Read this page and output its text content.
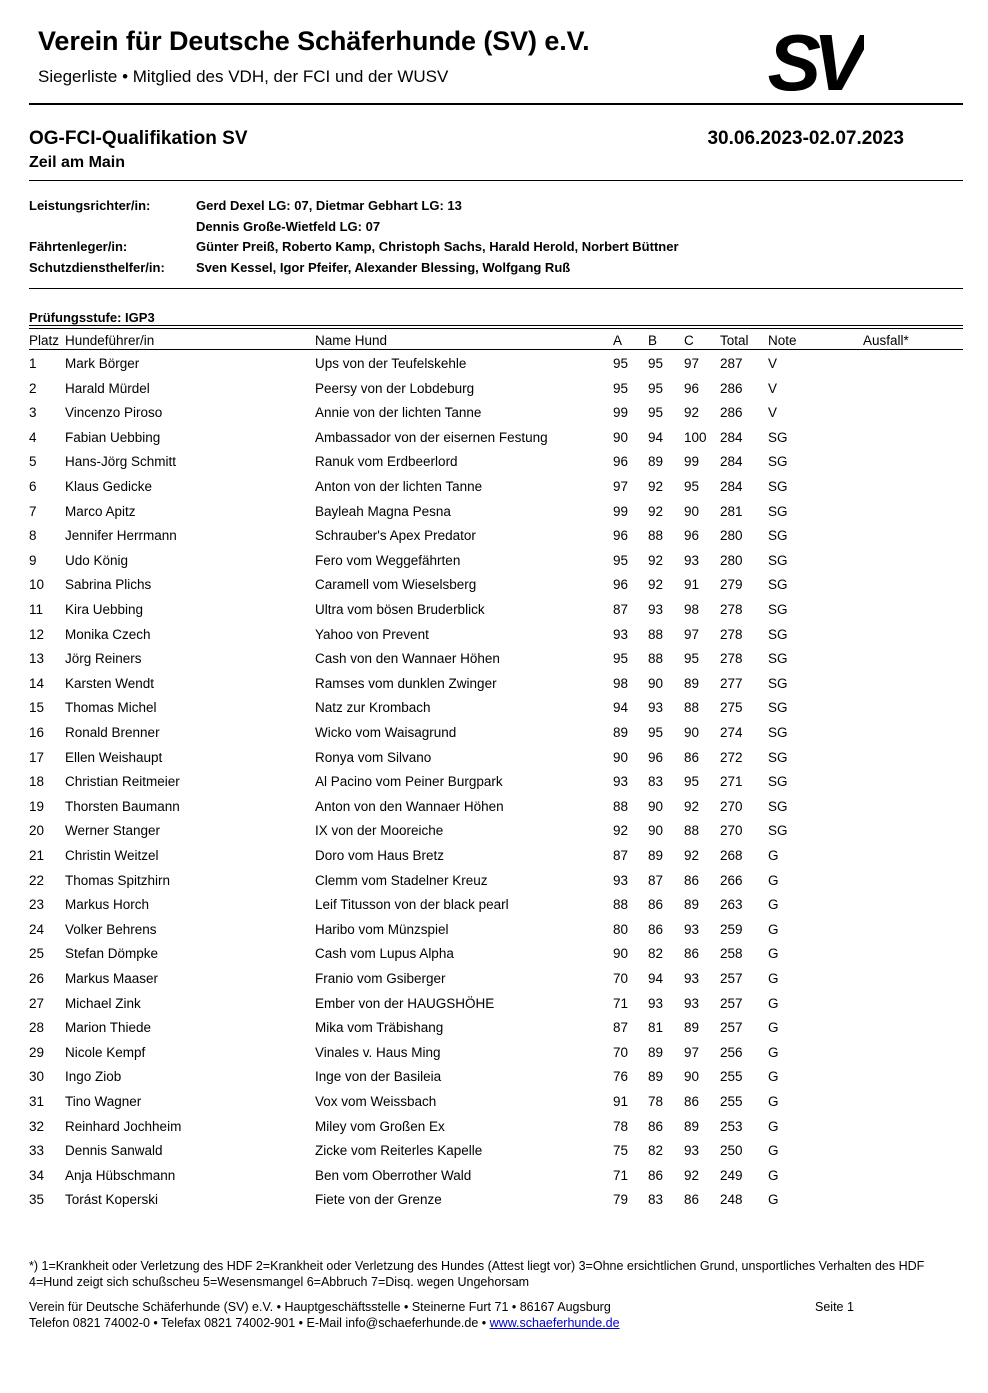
Verein für Deutsche Schäferhunde (SV) e.V.
Siegerliste • Mitglied des VDH, der FCI und der WUSV	SV
OG-FCI-Qualifikation SV
Zeil am Main
30.06.2023-02.07.2023
Leistungsrichter/in:	Gerd Dexel LG: 07, Dietmar Gebhart LG: 13
Dennis Große-Wietfeld LG: 07
Fährtenleger/in:	Günter Preiß, Roberto Kamp, Christoph Sachs, Harald Herold, Norbert Büttner
Schutzdiensthelfer/in: Sven Kessel, Igor Pfeifer, Alexander Blessing, Wolfgang Ruß
Prüfungsstufe: IGP3
Platz Hundeführer/in	Name Hund	A B C Total Note	Ausfall*
1 Mark Börger	Ups von der Teufelskehle	95 95 97 287 V
2 Harald Mürdel	Peersy von der Lobdeburg	95 95 96 286 V
3 Vincenzo Piroso	Annie von der lichten Tanne	99 95 92 286 V
4 Fabian Uebbing	Ambassador von der eisernen Festung	90 94 100 284 SG
5 Hans-Jörg Schmitt	Ranuk vom Erdbeerlord	96 89 99 284 SG
6 Klaus Gedicke	Anton von der lichten Tanne	97 92 95 284 SG
7 Marco Apitz	Bayleah Magna Pesna	99 92 90 281 SG
8 Jennifer Herrmann	Schrauber's Apex Predator	96 88 96 280 SG
9 Udo König	Fero vom Weggefährten	95 92 93 280 SG
10 Sabrina Plichs	Caramell vom Wieselsberg	96 92 91 279 SG
11 Kira Uebbing	Ultra vom bösen Bruderblick	87 93 98 278 SG
12 Monika Czech	Yahoo von Prevent	93 88 97 278 SG
13 Jörg Reiners	Cash von den Wannaer Höhen	95 88 95 278 SG
14 Karsten Wendt	Ramses vom dunklen Zwinger	98 90 89 277 SG
15 Thomas Michel	Natz zur Krombach	94 93 88 275 SG
16 Ronald Brenner	Wicko vom Waisagrund	89 95 90 274 SG
17 Ellen Weishaupt	Ronya vom Silvano	90 96 86 272 SG
18 Christian Reitmeier	Al Pacino vom Peiner Burgpark	93 83 95 271 SG
19 Thorsten Baumann	Anton von den Wannaer Höhen	88 90 92 270 SG
20 Werner Stanger	IX von der Mooreiche	92 90 88 270 SG
21 Christin Weitzel	Doro vom Haus Bretz	87 89 92 268 G
22 Thomas Spitzhirn	Clemm vom Stadelner Kreuz	93 87 86 266 G
23 Markus Horch	Leif Titusson von der black pearl	88 86 89 263 G
24 Volker Behrens	Haribo vom Münzspiel	80 86 93 259 G
25 Stefan Dömpke	Cash vom Lupus Alpha	90 82 86 258 G
26 Markus Maaser	Franio vom Gsiberger	70 94 93 257 G
27 Michael Zink	Ember von der HAUGSHÖHE	71 93 93 257 G
28 Marion Thiede	Mika vom Träbishang	87 81 89 257 G
29 Nicole Kempf	Vinales v. Haus Ming	70 89 97 256 G
30 Ingo Ziob	Inge von der Basileia	76 89 90 255 G
31 Tino Wagner	Vox vom Weissbach	91 78 86 255 G
32 Reinhard Jochheim	Miley vom Großen Ex	78 86 89 253 G
33 Dennis Sanwald	Zicke vom Reiterles Kapelle	75 82 93 250 G
34 Anja Hübschmann	Ben vom Oberrother Wald	71 86 92 249 G
35 Torást Koperski	Fiete von der Grenze	79 83 86 248 G
*) 1=Krankheit oder Verletzung des HDF 2=Krankheit oder Verletzung des Hundes (Attest liegt vor) 3=Ohne ersichtlichen Grund, unsportliches Verhalten des HDF 4=Hund zeigt sich schußscheu 5=Wesensmangel 6=Abbruch 7=Disq. wegen Ungehorsam
Verein für Deutsche Schäferhunde (SV) e.V. • Hauptgeschäftsstelle • Steinerne Furt 71 • 86167 Augsburg
Telefon 0821 74002-0 • Telefax 0821 74002-901 • E-Mail info@schaeferhunde.de • www.schaeferhunde.de
Seite 1
